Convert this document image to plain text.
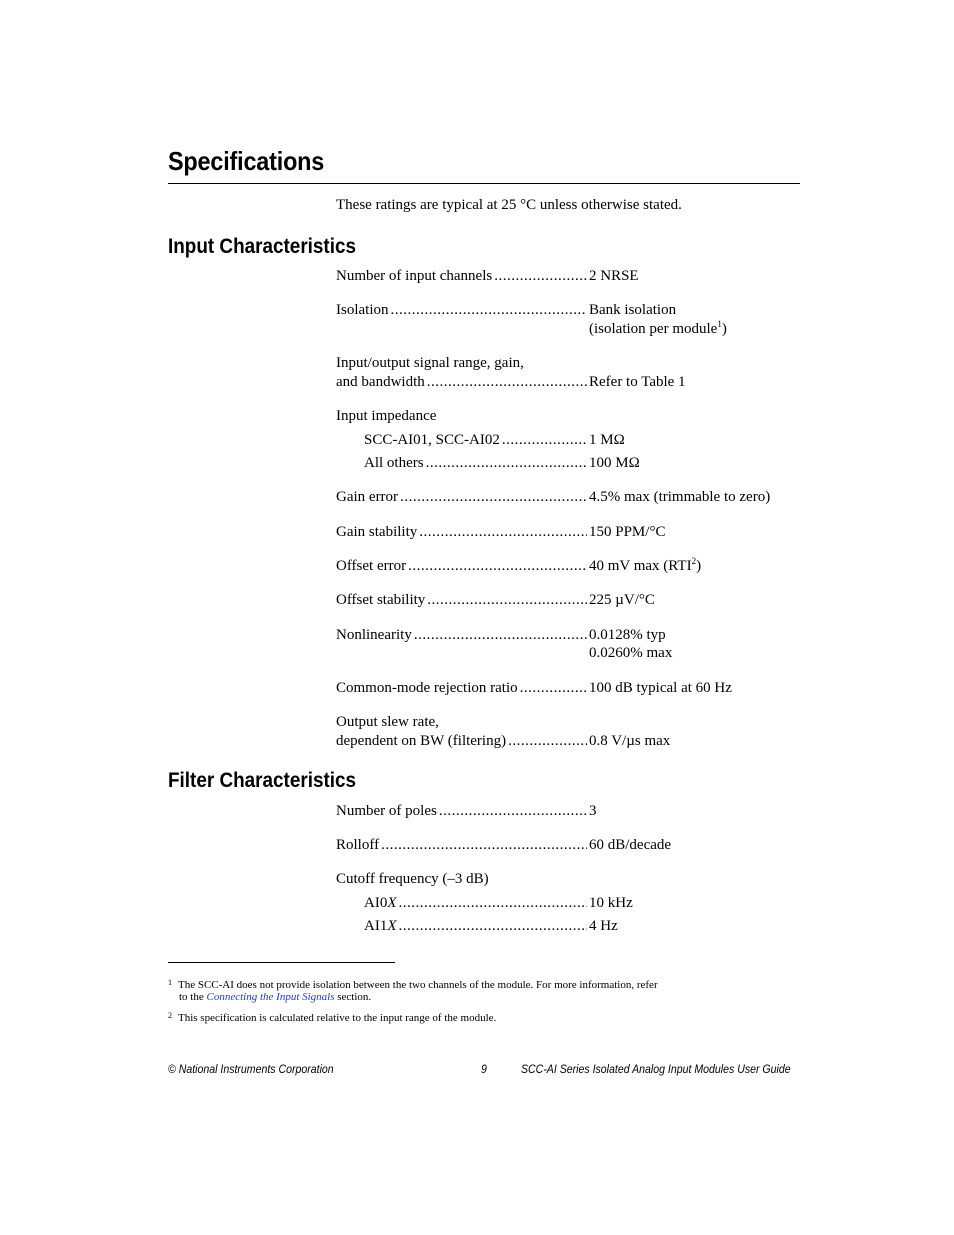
Specifications
These ratings are typical at 25 °C unless otherwise stated.
Input Characteristics
Number of input channels .....	2 NRSE
Isolation .....	Bank isolation
(isolation per module$^1$)
Input/output signal range, gain,
and bandwidth .....	Refer to Table 1
Input impedance
SCC-AI01, SCC-AI02 .....	1 MΩ
All others .....	100 MΩ
Gain error .....	4.5% max (trimmable to zero)
Gain stability .....	150 PPM/°C
Offset error .....	40 mV max (RTI$^2$)
Offset stability .....	225 µV/°C
Nonlinearity .....	0.0128% typ
0.0260% max
Common-mode rejection ratio .....	100 dB typical at 60 Hz
Output slew rate,
dependent on BW (filtering) .....	0.8 V/µs max
Filter Characteristics
Number of poles .....	3
Rolloff .....	60 dB/decade
Cutoff frequency (–3 dB)
AI0X .....	10 kHz
AI1X .....	4 Hz
$^1$ The SCC-AI does not provide isolation between the two channels of the module. For more information, refer
to the Connecting the Input Signals section.
$^2$ This specification is calculated relative to the input range of the module.
© National Instruments Corporation	9	SCC-AI Series Isolated Analog Input Modules User Guide
